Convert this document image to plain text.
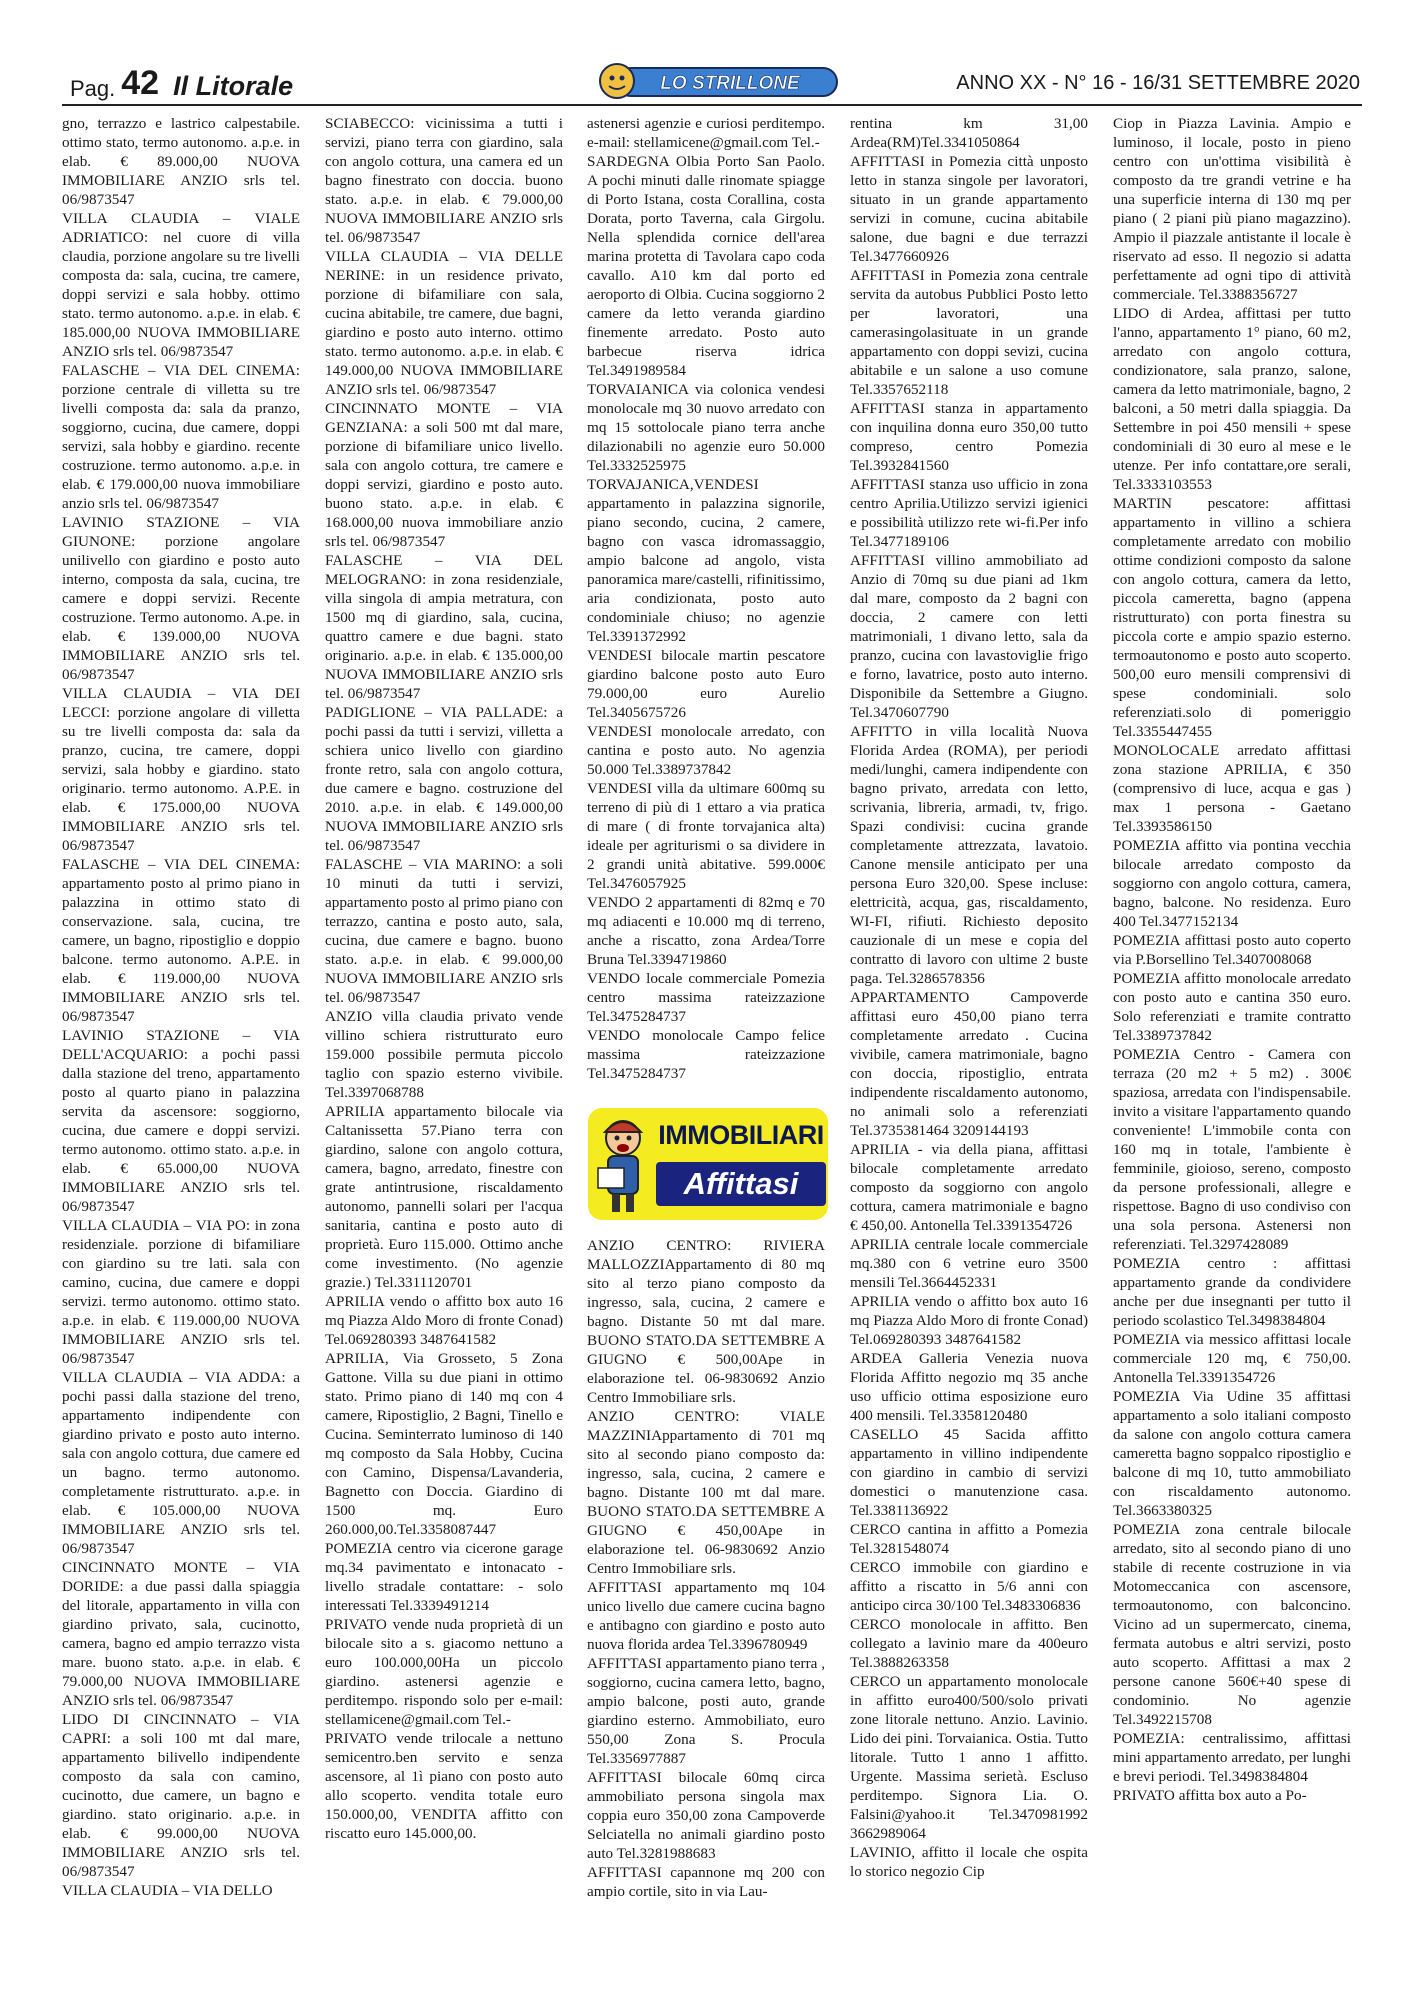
Pag. 42 Il Litorale	LO STRILLONE	ANNO XX - N° 16 - 16/31 SETTEMBRE 2020

gno, terrazzo e lastrico calpestabile. ottimo stato, termo autonomo. a.p.e. in elab. € 89.000,00 NUOVA IMMOBILIARE ANZIO srls tel. 06/9873547

VILLA CLAUDIA – VIALE ADRIATICO: nel cuore di villa claudia, porzione angolare su tre livelli composta da: sala, cucina, tre camere, doppi servizi e sala hobby. ottimo stato. termo autonomo. a.p.e. in elab. € 185.000,00 NUOVA IMMOBILIARE ANZIO srls tel. 06/9873547

FALASCHE – VIA DEL CINEMA: porzione centrale di villetta su tre livelli composta da: sala da pranzo, soggiorno, cucina, due camere, doppi servizi, sala hobby e giardino. recente costruzione. termo autonomo. a.p.e. in elab. € 179.000,00 nuova immobiliare anzio srls tel. 06/9873547

LAVINIO STAZIONE – VIA GIUNONE: porzione angolare unilivello con giardino e posto auto interno, composta da sala, cucina, tre camere e doppi servizi. Recente costruzione. Termo autonomo. A.pe. in elab. € 139.000,00 NUOVA IMMOBILIARE ANZIO srls tel. 06/9873547

VILLA CLAUDIA – VIA DEI LECCI: porzione angolare di villetta su tre livelli composta da: sala da pranzo, cucina, tre camere, doppi servizi, sala hobby e giardino. stato originario. termo autonomo. A.P.E. in elab. € 175.000,00 NUOVA IMMOBILIARE ANZIO srls tel. 06/9873547

FALASCHE – VIA DEL CINEMA: appartamento posto al primo piano in palazzina in ottimo stato di conservazione. sala, cucina, tre camere, un bagno, ripostiglio e doppio balcone. termo autonomo. A.P.E. in elab. € 119.000,00 NUOVA IMMOBILIARE ANZIO srls tel. 06/9873547

LAVINIO STAZIONE – VIA DELL'ACQUARIO: a pochi passi dalla stazione del treno, appartamento posto al quarto piano in palazzina servita da ascensore: soggiorno, cucina, due camere e doppi servizi. termo autonomo. ottimo stato. a.p.e. in elab. € 65.000,00 NUOVA IMMOBILIARE ANZIO srls tel. 06/9873547

VILLA CLAUDIA – VIA PO: in zona residenziale. porzione di bifamiliare con giardino su tre lati. sala con camino, cucina, due camere e doppi servizi. termo autonomo. ottimo stato. a.p.e. in elab. € 119.000,00 NUOVA IMMOBILIARE ANZIO srls tel. 06/9873547

VILLA CLAUDIA – VIA ADDA: a pochi passi dalla stazione del treno, appartamento indipendente con giardino privato e posto auto interno. sala con angolo cottura, due camere ed un bagno. termo autonomo. completamente ristrutturato. a.p.e. in elab. € 105.000,00 NUOVA IMMOBILIARE ANZIO srls tel. 06/9873547

CINCINNATO MONTE – VIA DORIDE: a due passi dalla spiaggia del litorale, appartamento in villa con giardino privato, sala, cucinotto, camera, bagno ed ampio terrazzo vista mare. buono stato. a.p.e. in elab. € 79.000,00 NUOVA IMMOBILIARE ANZIO srls tel. 06/9873547

LIDO DI CINCINNATO – VIA CAPRI: a soli 100 mt dal mare, appartamento bilivello indipendente composto da sala con camino, cucinotto, due camere, un bagno e giardino. stato originario. a.p.e. in elab. € 99.000,00 NUOVA IMMOBILIARE ANZIO srls tel. 06/9873547

VILLA CLAUDIA – VIA DELLO

SCIABECCO: vicinissima a tutti i servizi, piano terra con giardino, sala con angolo cottura, una camera ed un bagno finestrato con doccia. buono stato. a.p.e. in elab. € 79.000,00 NUOVA IMMOBILIARE ANZIO srls tel. 06/9873547

VILLA CLAUDIA – VIA DELLE NERINE: in un residence privato, porzione di bifamiliare con sala, cucina abitabile, tre camere, due bagni, giardino e posto auto interno. ottimo stato. termo autonomo. a.p.e. in elab. € 149.000,00 NUOVA IMMOBILIARE ANZIO srls tel. 06/9873547

CINCINNATO MONTE – VIA GENZIANA: a soli 500 mt dal mare, porzione di bifamiliare unico livello. sala con angolo cottura, tre camere e doppi servizi, giardino e posto auto. buono stato. a.p.e. in elab. € 168.000,00 nuova immobiliare anzio srls tel. 06/9873547

FALASCHE – VIA DEL MELOGRANO: in zona residenziale, villa singola di ampia metratura, con 1500 mq di giardino, sala, cucina, quattro camere e due bagni. stato originario. a.p.e. in elab. € 135.000,00 NUOVA IMMOBILIARE ANZIO srls tel. 06/9873547

PADIGLIONE – VIA PALLADE: a pochi passi da tutti i servizi, villetta a schiera unico livello con giardino fronte retro, sala con angolo cottura, due camere e bagno. costruzione del 2010. a.p.e. in elab. € 149.000,00 NUOVA IMMOBILIARE ANZIO srls tel. 06/9873547

FALASCHE – VIA MARINO: a soli 10 minuti da tutti i servizi, appartamento posto al primo piano con terrazzo, cantina e posto auto, sala, cucina, due camere e bagno. buono stato. a.p.e. in elab. € 99.000,00 NUOVA IMMOBILIARE ANZIO srls tel. 06/9873547

ANZIO villa claudia privato vende villino schiera ristrutturato euro 159.000 possibile permuta piccolo taglio con spazio esterno vivibile. Tel.3397068788

APRILIA appartamento bilocale via Caltanissetta 57.Piano terra con giardino, salone con angolo cottura, camera, bagno, arredato, finestre con grate antintrusione, riscaldamento autonomo, pannelli solari per l'acqua sanitaria, cantina e posto auto di proprietà. Euro 115.000. Ottimo anche come investimento. (No agenzie grazie.) Tel.3311120701

APRILIA vendo o affitto box auto 16 mq Piazza Aldo Moro di fronte Conad) Tel.069280393 3487641582

APRILIA, Via Grosseto, 5 Zona Gattone. Villa su due piani in ottimo stato. Primo piano di 140 mq con 4 camere, Ripostiglio, 2 Bagni, Tinello e Cucina. Seminterrato luminoso di 140 mq composto da Sala Hobby, Cucina con Camino, Dispensa/Lavanderia, Bagnetto con Doccia. Giardino di 1500 mq. Euro 260.000,00.Tel.3358087447

POMEZIA centro via cicerone garage mq.34 pavimentato e intonacato - livello stradale contattare: - solo interessati Tel.3339491214

PRIVATO vende nuda proprietà di un bilocale sito a s. giacomo nettuno a euro 100.000,00Ha un piccolo giardino. astenersi agenzie e perditempo. rispondo solo per e-mail: stellamicene@gmail.com Tel.-

PRIVATO vende trilocale a nettuno semicentro.ben servito e senza ascensore, al 1ì piano con posto auto allo scoperto. vendita totale euro 150.000,00, VENDITA affitto con riscatto euro 145.000,00.

astenersi agenzie e curiosi perditempo. e-mail: stellamicene@gmail.com Tel.-

SARDEGNA Olbia Porto San Paolo. A pochi minuti dalle rinomate spiagge di Porto Istana, costa Corallina, costa Dorata, porto Taverna, cala Girgolu. Nella splendida cornice dell'area marina protetta di Tavolara capo coda cavallo. A10 km dal porto ed aeroporto di Olbia. Cucina soggiorno 2 camere da letto veranda giardino finemente arredato. Posto auto barbecue riserva idrica Tel.3491989584

TORVAIANICA via colonica vendesi monolocale mq 30 nuovo arredato con mq 15 sottolocale piano terra anche dilazionabili no agenzie euro 50.000 Tel.3332525975

TORVAJANICA,VENDESI appartamento in palazzina signorile, piano secondo, cucina, 2 camere, bagno con vasca idromassaggio, ampio balcone ad angolo, vista panoramica mare/castelli, rifinitissimo, aria condizionata, posto auto condominiale chiuso; no agenzie Tel.3391372992

VENDESI bilocale martin pescatore giardino balcone posto auto Euro 79.000,00 euro Aurelio Tel.3405675726

VENDESI monolocale arredato, con cantina e posto auto. No agenzia 50.000 Tel.3389737842

VENDESI villa da ultimare 600mq su terreno di più di 1 ettaro a via pratica di mare ( di fronte torvajanica alta) ideale per agriturismi o sa dividere in 2 grandi unità abitative. 599.000€ Tel.3476057925

VENDO 2 appartamenti di 82mq e 70 mq adiacenti e 10.000 mq di terreno, anche a riscatto, zona Ardea/Torre Bruna Tel.3394719860

VENDO locale commerciale Pomezia centro massima rateizzazione Tel.3475284737

VENDO monolocale Campo felice massima rateizzazione Tel.3475284737

IMMOBILIARI
Affittasi

ANZIO CENTRO: RIVIERA MALLOZZIAppartamento di 80 mq sito al terzo piano composto da ingresso, sala, cucina, 2 camere e bagno. Distante 50 mt dal mare. BUONO STATO.DA SETTEMBRE A GIUGNO € 500,00Ape in elaborazione tel. 06-9830692 Anzio Centro Immobiliare srls.

ANZIO CENTRO: VIALE MAZZINIAppartamento di 701 mq sito al secondo piano composto da: ingresso, sala, cucina, 2 camere e bagno. Distante 100 mt dal mare. BUONO STATO.DA SETTEMBRE A GIUGNO € 450,00Ape in elaborazione tel. 06-9830692 Anzio Centro Immobiliare srls.

AFFITTASI appartamento mq 104 unico livello due camere cucina bagno e antibagno con giardino e posto auto nuova florida ardea Tel.3396780949

AFFITTASI appartamento piano terra , soggiorno, cucina camera letto, bagno, ampio balcone, posti auto, grande giardino esterno. Ammobiliato, euro 550,00 Zona S. Procula Tel.3356977887

AFFITTASI bilocale 60mq circa ammobiliato persona singola max coppia euro 350,00 zona Campoverde Selciatella no animali giardino posto auto Tel.3281988683

AFFITTASI capannone mq 200 con ampio cortile, sito in via Lau-

rentina km 31,00 Ardea(RM)Tel.3341050864

AFFITTASI in Pomezia città unposto letto in stanza singole per lavoratori, situato in un grande appartamento servizi in comune, cucina abitabile salone, due bagni e due terrazzi Tel.3477660926

AFFITTASI in Pomezia zona centrale servita da autobus Pubblici Posto letto per lavoratori, una camerasingolasituate in un grande appartamento con doppi sevizi, cucina abitabile e un salone a uso comune Tel.3357652118

AFFITTASI stanza in appartamento con inquilina donna euro 350,00 tutto compreso, centro Pomezia Tel.3932841560

AFFITTASI stanza uso ufficio in zona centro Aprilia.Utilizzo servizi igienici e possibilità utilizzo rete wi-fi.Per info Tel.3477189106

AFFITTASI villino ammobiliato ad Anzio di 70mq su due piani ad 1km dal mare, composto da 2 bagni con doccia, 2 camere con letti matrimoniali, 1 divano letto, sala da pranzo, cucina con lavastoviglie frigo e forno, lavatrice, posto auto interno. Disponibile da Settembre a Giugno. Tel.3470607790

AFFITTO in villa località Nuova Florida Ardea (ROMA), per periodi medi/lunghi, camera indipendente con bagno privato, arredata con letto, scrivania, libreria, armadi, tv, frigo. Spazi condivisi: cucina grande completamente attrezzata, lavatoio. Canone mensile anticipato per una persona Euro 320,00. Spese incluse: elettricità, acqua, gas, riscaldamento, WI-FI, rifiuti. Richiesto deposito cauzionale di un mese e copia del contratto di lavoro con ultime 2 buste paga. Tel.3286578356

APPARTAMENTO Campoverde affittasi euro 450,00 piano terra completamente arredato . Cucina vivibile, camera matrimoniale, bagno con doccia, ripostiglio, entrata indipendente riscaldamento autonomo, no animali solo a referenziati Tel.3735381464 3209144193

APRILIA - via della piana, affittasi bilocale completamente arredato composto da soggiorno con angolo cottura, camera matrimoniale e bagno € 450,00. Antonella Tel.3391354726

APRILIA centrale locale commerciale mq.380 con 6 vetrine euro 3500 mensili Tel.3664452331

APRILIA vendo o affitto box auto 16 mq Piazza Aldo Moro di fronte Conad) Tel.069280393 3487641582

ARDEA Galleria Venezia nuova Florida Affitto negozio mq 35 anche uso ufficio ottima esposizione euro 400 mensili. Tel.3358120480

CASELLO 45 Sacida affitto appartamento in villino indipendente con giardino in cambio di servizi domestici o manutenzione casa. Tel.3381136922

CERCO cantina in affitto a Pomezia Tel.3281548074

CERCO immobile con giardino e affitto a riscatto in 5/6 anni con anticipo circa 30/100 Tel.3483306836

CERCO monolocale in affitto. Ben collegato a lavinio mare da 400euro Tel.3888263358

CERCO un appartamento monolocale in affitto euro400/500/solo privati zone litorale nettuno. Anzio. Lavinio. Lido dei pini. Torvaianica. Ostia. Tutto litorale. Tutto 1 anno 1 affitto. Urgente. Massima serietà. Escluso perditempo. Signora Lia. O. Falsini@yahoo.it Tel.3470981992 3662989064

LAVINIO, affitto il locale che ospita lo storico negozio Cip

Ciop in Piazza Lavinia. Ampio e luminoso, il locale, posto in pieno centro con un'ottima visibilità è composto da tre grandi vetrine e ha una superficie interna di 130 mq per piano ( 2 piani più piano magazzino). Ampio il piazzale antistante il locale è riservato ad esso. Il negozio si adatta perfettamente ad ogni tipo di attività commerciale. Tel.3388356727

LIDO di Ardea, affittasi per tutto l'anno, appartamento 1° piano, 60 m2, arredato con angolo cottura, condizionatore, sala pranzo, salone, camera da letto matrimoniale, bagno, 2 balconi, a 50 metri dalla spiaggia. Da Settembre in poi 450 mensili + spese condominiali di 30 euro al mese e le utenze. Per info contattare,ore serali, Tel.3333103553

MARTIN pescatore: affittasi appartamento in villino a schiera completamente arredato con mobilio ottime condizioni composto da salone con angolo cottura, camera da letto, piccola cameretta, bagno (appena ristrutturato) con porta finestra su piccola corte e ampio spazio esterno. termoautonomo e posto auto scoperto. 500,00 euro mensili comprensivi di spese condominiali. solo referenziati.solo di pomeriggio Tel.3355447455

MONOLOCALE arredato affittasi zona stazione APRILIA, € 350 (comprensivo di luce, acqua e gas ) max 1 persona - Gaetano Tel.3393586150

POMEZIA affitto via pontina vecchia bilocale arredato composto da soggiorno con angolo cottura, camera, bagno, balcone. No residenza. Euro 400 Tel.3477152134

POMEZIA affittasi posto auto coperto via P.Borsellino Tel.3407008068

POMEZIA affitto monolocale arredato con posto auto e cantina 350 euro. Solo referenziati e tramite contratto Tel.3389737842

POMEZIA Centro - Camera con terraza (20 m2 + 5 m2) . 300€ spaziosa, arredata con l'indispensabile. invito a visitare l'appartamento quando conveniente! L'immobile conta con 160 mq in totale, l'ambiente è femminile, gioioso, sereno, composto da persone professionali, allegre e rispettose. Bagno di uso condiviso con una sola persona. Astenersi non referenziati. Tel.3297428089

POMEZIA centro : affittasi appartamento grande da condividere anche per due insegnanti per tutto il periodo scolastico Tel.3498384804

POMEZIA via messico affittasi locale commerciale 120 mq, € 750,00. Antonella Tel.3391354726

POMEZIA Via Udine 35 affittasi appartamento a solo italiani composto da salone con angolo cottura camera cameretta bagno soppalco ripostiglio e balcone di mq 10, tutto ammobiliato con riscaldamento autonomo. Tel.3663380325

POMEZIA zona centrale bilocale arredato, sito al secondo piano di uno stabile di recente costruzione in via Motomeccanica con ascensore, termoautonomo, con balconcino. Vicino ad un supermercato, cinema, fermata autobus e altri servizi, posto auto scoperto. Affittasi a max 2 persone canone 560€+40 spese di condominio. No agenzie Tel.3492215708

POMEZIA: centralissimo, affittasi mini appartamento arredato, per lunghi e brevi periodi. Tel.3498384804

PRIVATO affitta box auto a Po-
